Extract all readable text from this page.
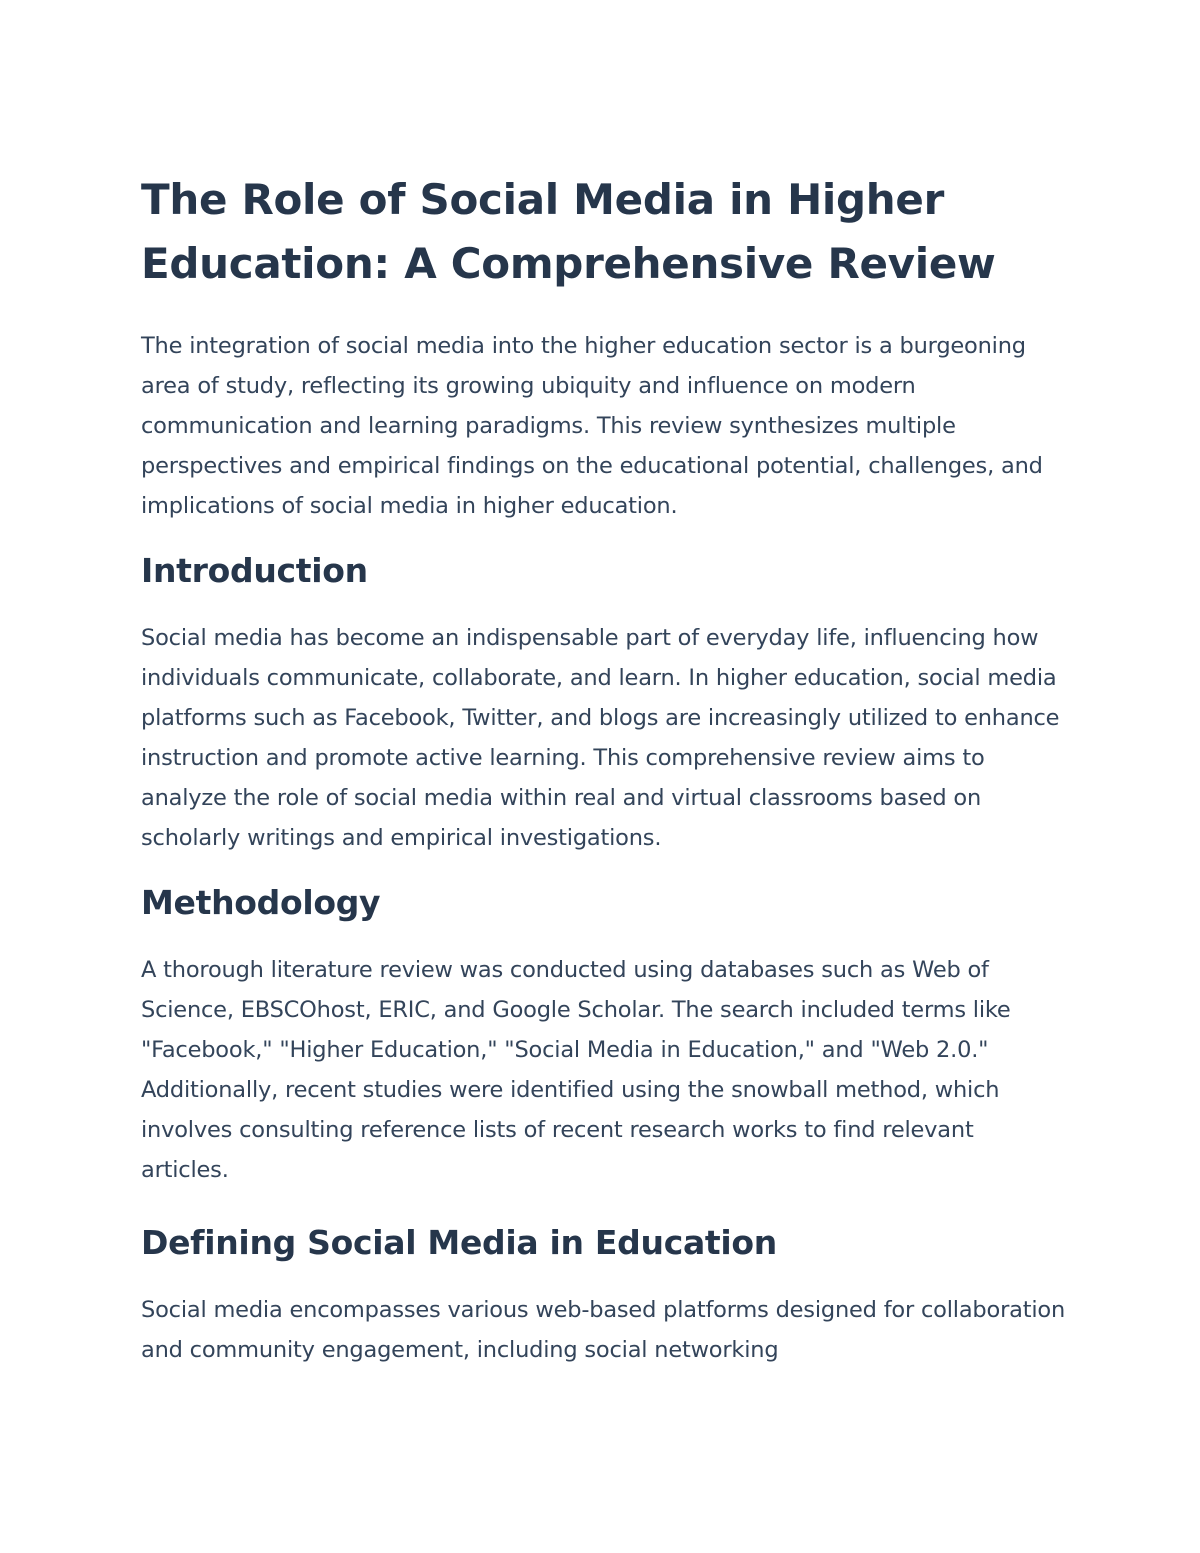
The Role of Social Media in Higher Education: A Comprehensive Review

The integration of social media into the higher education sector is a burgeoning area of study, reflecting its growing ubiquity and influence on modern communication and learning paradigms. This review synthesizes multiple perspectives and empirical findings on the educational potential, challenges, and implications of social media in higher education.

Introduction

Social media has become an indispensable part of everyday life, influencing how individuals communicate, collaborate, and learn. In higher education, social media platforms such as Facebook, Twitter, and blogs are increasingly utilized to enhance instruction and promote active learning. This comprehensive review aims to analyze the role of social media within real and virtual classrooms based on scholarly writings and empirical investigations.

Methodology

A thorough literature review was conducted using databases such as Web of Science, EBSCOhost, ERIC, and Google Scholar. The search included terms like "Facebook," "Higher Education," "Social Media in Education," and "Web 2.0." Additionally, recent studies were identified using the snowball method, which involves consulting reference lists of recent research works to find relevant articles.

Defining Social Media in Education

Social media encompasses various web-based platforms designed for collaboration and community engagement, including social networking
